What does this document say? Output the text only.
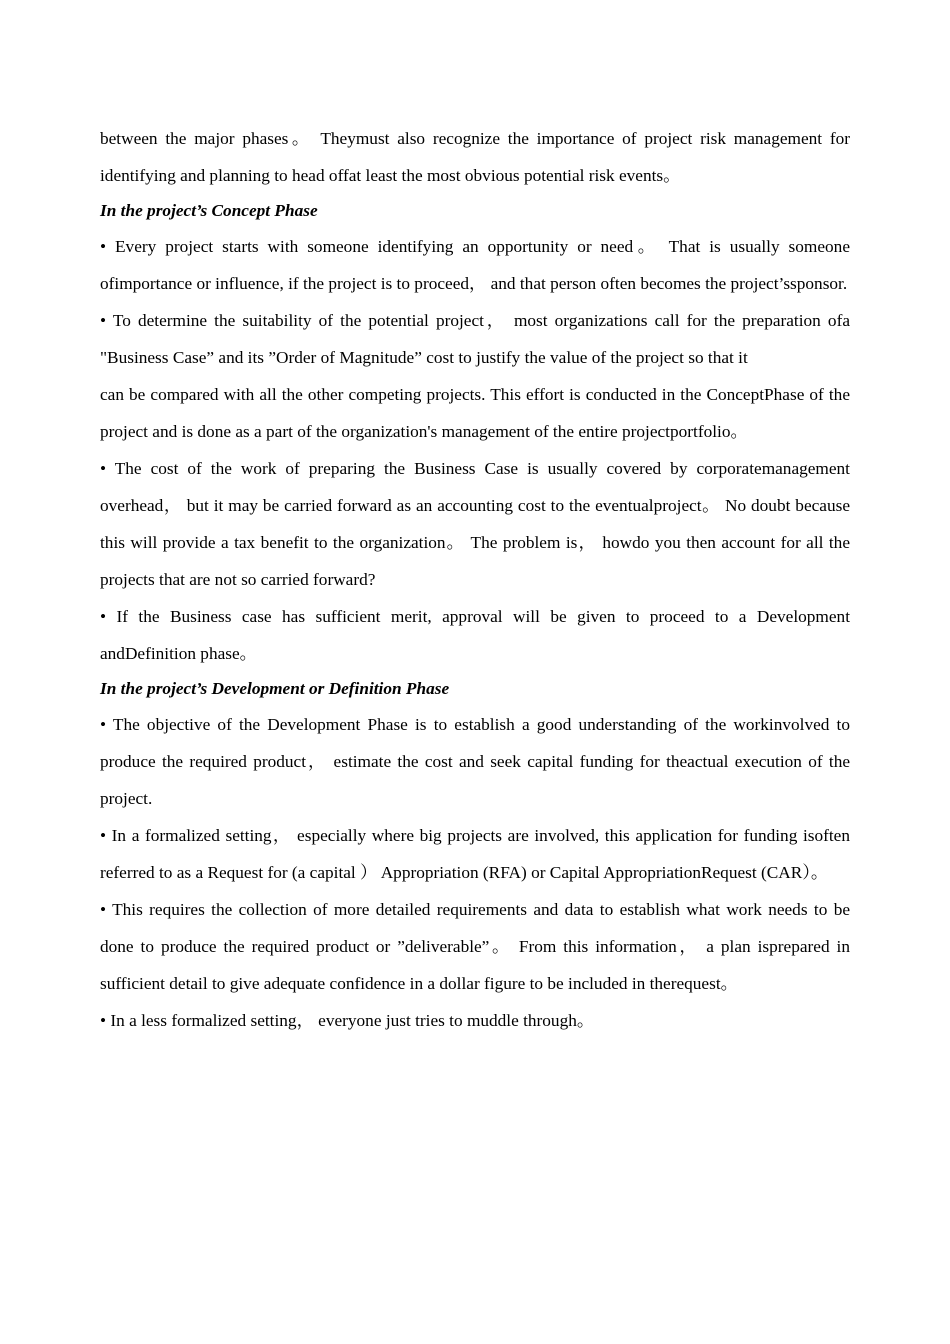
between the major phases。 Theymust also recognize the importance of project risk management for identifying and planning to head offat least the most obvious potential risk events。

In the project’s Concept Phase

• Every project starts with someone identifying an opportunity or need。 That is usually someone ofimportance or influence, if the project is to proceed， and that person often becomes the project’ssponsor.

• To determine the suitability of the potential project， most organizations call for the preparation ofa "Business Case” and its ”Order of Magnitude” cost to justify the value of the project so that it

can be compared with all the other competing projects. This effort is conducted in the ConceptPhase of the project and is done as a part of the organization's management of the entire projectportfolio。

• The cost of the work of preparing the Business Case is usually covered by corporatemanagement overhead， but it may be carried forward as an accounting cost to the eventualproject。 No doubt because this will provide a tax benefit to the organization。 The problem is， howdo you then account for all the projects that are not so carried forward?

• If the Business case has sufficient merit, approval will be given to proceed to a Development andDefinition phase。

In the project’s Development or Definition Phase

• The objective of the Development Phase is to establish a good understanding of the workinvolved to produce the required product， estimate the cost and seek capital funding for theactual execution of the project.

• In a formalized setting， especially where big projects are involved, this application for funding isoften referred to as a Request for (a capital ） Appropriation (RFA) or Capital AppropriationRequest (CAR）。

• This requires the collection of more detailed requirements and data to establish what work needs to be done to produce the required product or ”deliverable”。 From this information， a plan isprepared in sufficient detail to give adequate confidence in a dollar figure to be included in therequest。

• In a less formalized setting， everyone just tries to muddle through。
